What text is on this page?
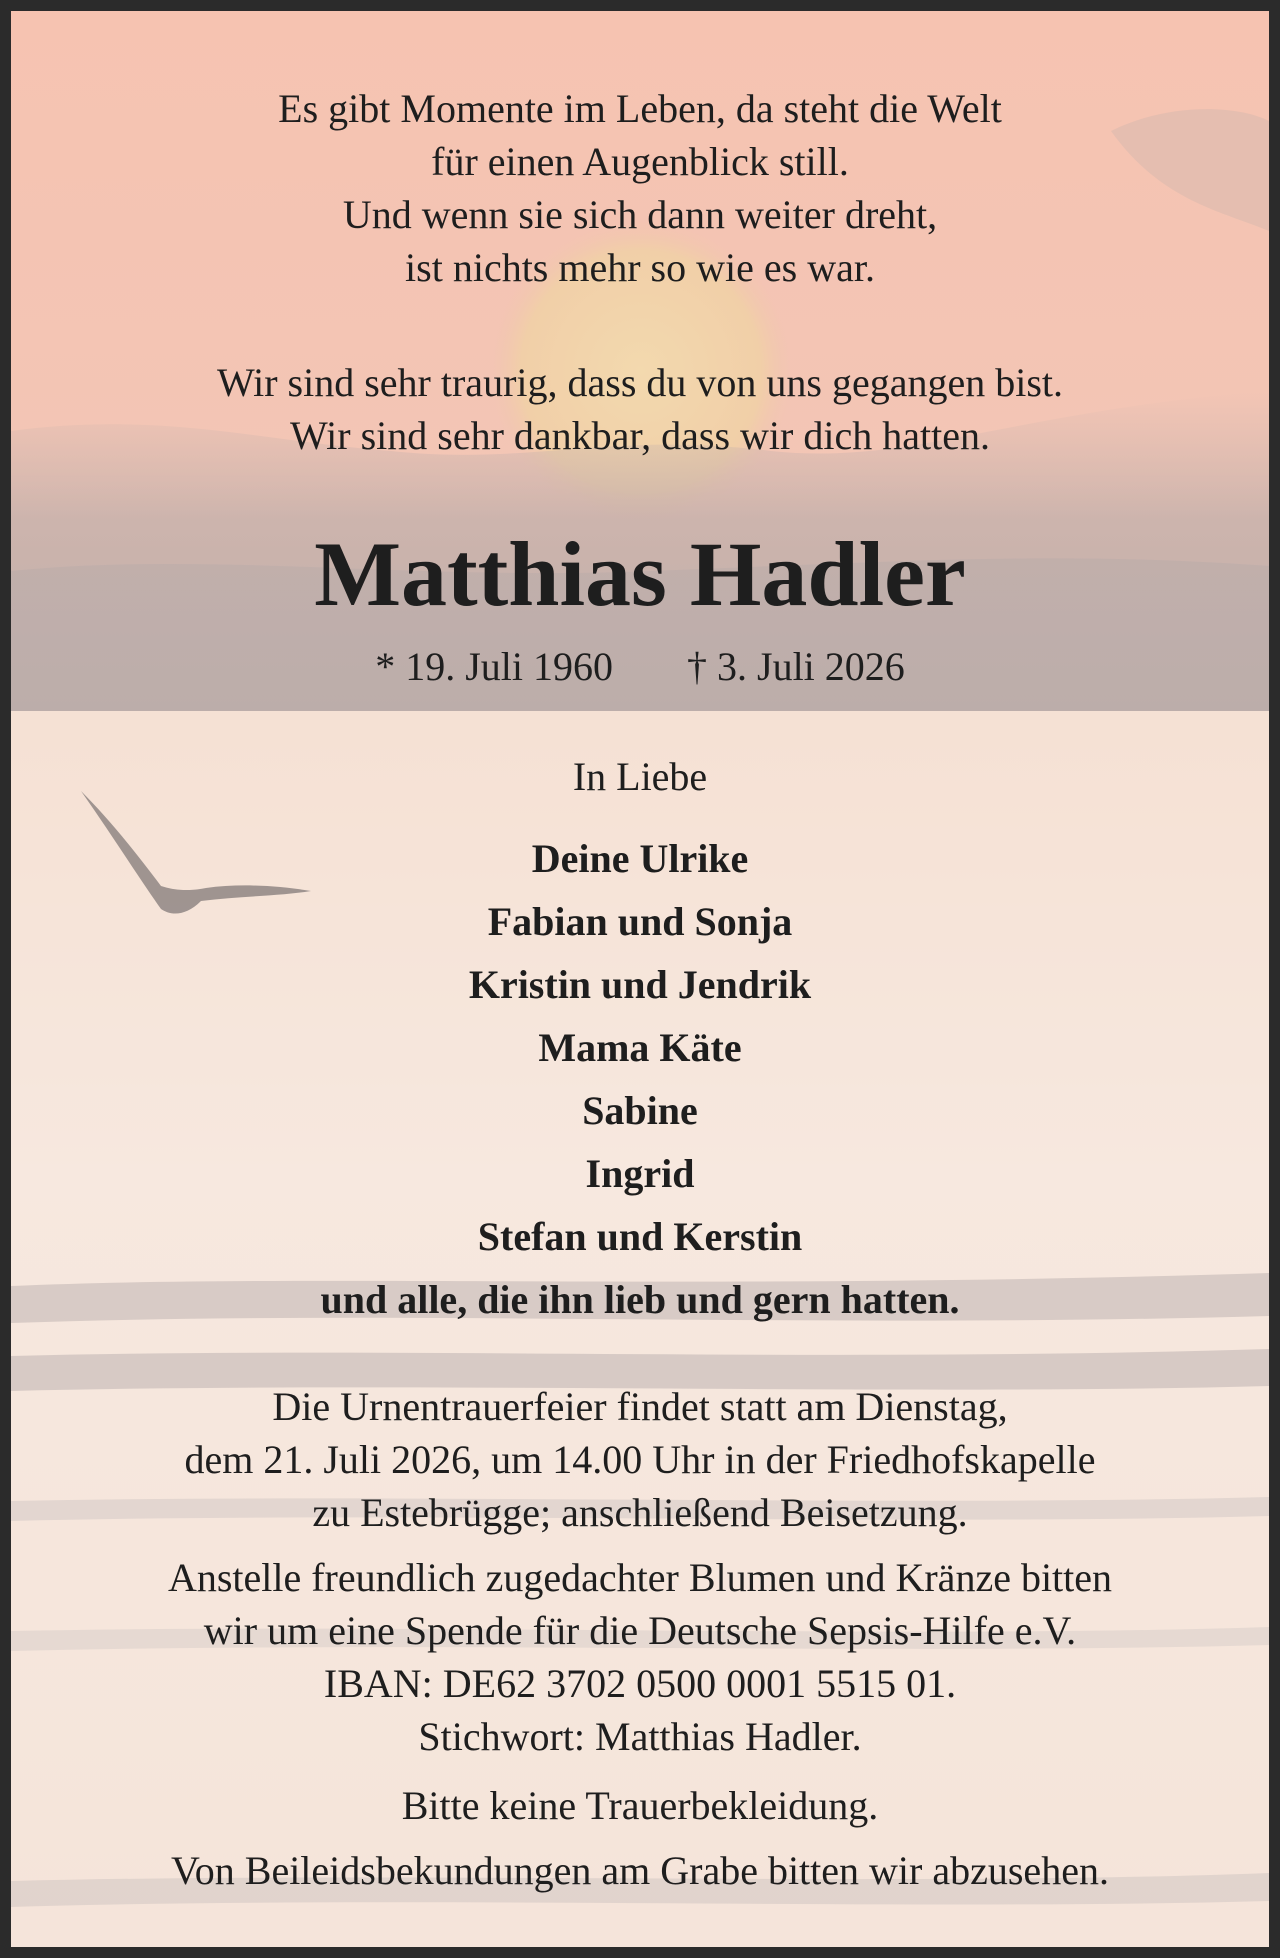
Es gibt Momente im Leben, da steht die Welt
für einen Augenblick still.
Und wenn sie sich dann weiter dreht,
ist nichts mehr so wie es war.
Wir sind sehr traurig, dass du von uns gegangen bist.
Wir sind sehr dankbar, dass wir dich hatten.
Matthias Hadler
* 19. Juli 1960 † 3. Juli 2026
In Liebe
Deine Ulrike
Fabian und Sonja
Kristin und Jendrik
Mama Käte
Sabine
Ingrid
Stefan und Kerstin
und alle, die ihn lieb und gern hatten.
Die Urnentrauerfeier findet statt am Dienstag,
dem 21. Juli 2026, um 14.00 Uhr in der Friedhofskapelle
zu Estebrügge; anschließend Beisetzung.
Anstelle freundlich zugedachter Blumen und Kränze bitten
wir um eine Spende für die Deutsche Sepsis-Hilfe e.V.
IBAN: DE62 3702 0500 0001 5515 01.
Stichwort: Matthias Hadler.
Bitte keine Trauerbekleidung.
Von Beileidsbekundungen am Grabe bitten wir abzusehen.
